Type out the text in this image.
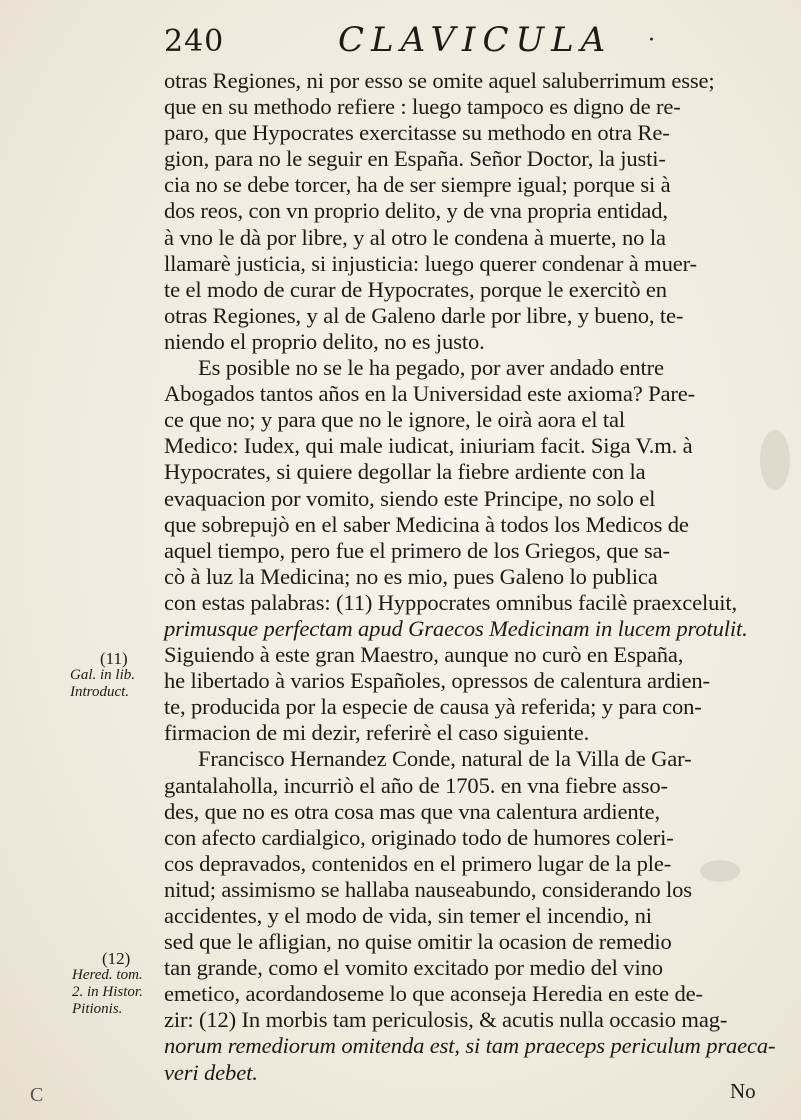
240	CLAVICULA ·
otras Regiones, ni por esso se omite aquel saluberrimum esse;
que en su methodo refiere : luego tampoco es digno de re-
paro, que Hypocrates exercitasse su methodo en otra Re-
gion, para no le seguir en España. Señor Doctor, la justi-
cia no se debe torcer, ha de ser siempre igual; porque si à
dos reos, con vn proprio delito, y de vna propria entidad,
à vno le dà por libre, y al otro le condena à muerte, no la
llamarè justicia, si injusticia: luego querer condenar à muer-
te el modo de curar de Hypocrates, porque le exercitò en
otras Regiones, y al de Galeno darle por libre, y bueno, te-
niendo el proprio delito, no es justo.
Es posible no se le ha pegado, por aver andado entre
Abogados tantos años en la Universidad este axioma? Pare-
ce que no; y para que no le ignore, le oirà aora el tal
Medico: Iudex, qui male iudicat, iniuriam facit. Siga V.m. à
Hypocrates, si quiere degollar la fiebre ardiente con la
evaquacion por vomito, siendo este Principe, no solo el
que sobrepujò en el saber Medicina à todos los Medicos de
aquel tiempo, pero fue el primero de los Griegos, que sa-
cò à luz la Medicina; no es mio, pues Galeno lo publica
con estas palabras: (11) Hyppocrates omnibus facilè praexceluit,
primusque perfectam apud Graecos Medicinam in lucem protulit.
Siguiendo à este gran Maestro, aunque no curò en España,
he libertado à varios Españoles, opressos de calentura ardien-
te, producida por la especie de causa yà referida; y para con-
firmacion de mi dezir, referirè el caso siguiente.
Francisco Hernandez Conde, natural de la Villa de Gar-
gantalaholla, incurriò el año de 1705. en vna fiebre asso-
des, que no es otra cosa mas que vna calentura ardiente,
con afecto cardialgico, originado todo de humores coleri-
cos depravados, contenidos en el primero lugar de la ple-
nitud; assimismo se hallaba nauseabundo, considerando los
accidentes, y el modo de vida, sin temer el incendio, ni
sed que le afligian, no quise omitir la ocasion de remedio
tan grande, como el vomito excitado por medio del vino
emetico, acordandoseme lo que aconseja Heredia en este de-
zir: (12) In morbis tam periculosis, & acutis nulla occasio mag-
norum remediorum omitenda est, si tam praeceps periculum praeca-
veri debet.
(11)
Gal. in lib.
Introduct.
(12)
Hered. tom.
2. in Histor.
Pitionis.
No
C
